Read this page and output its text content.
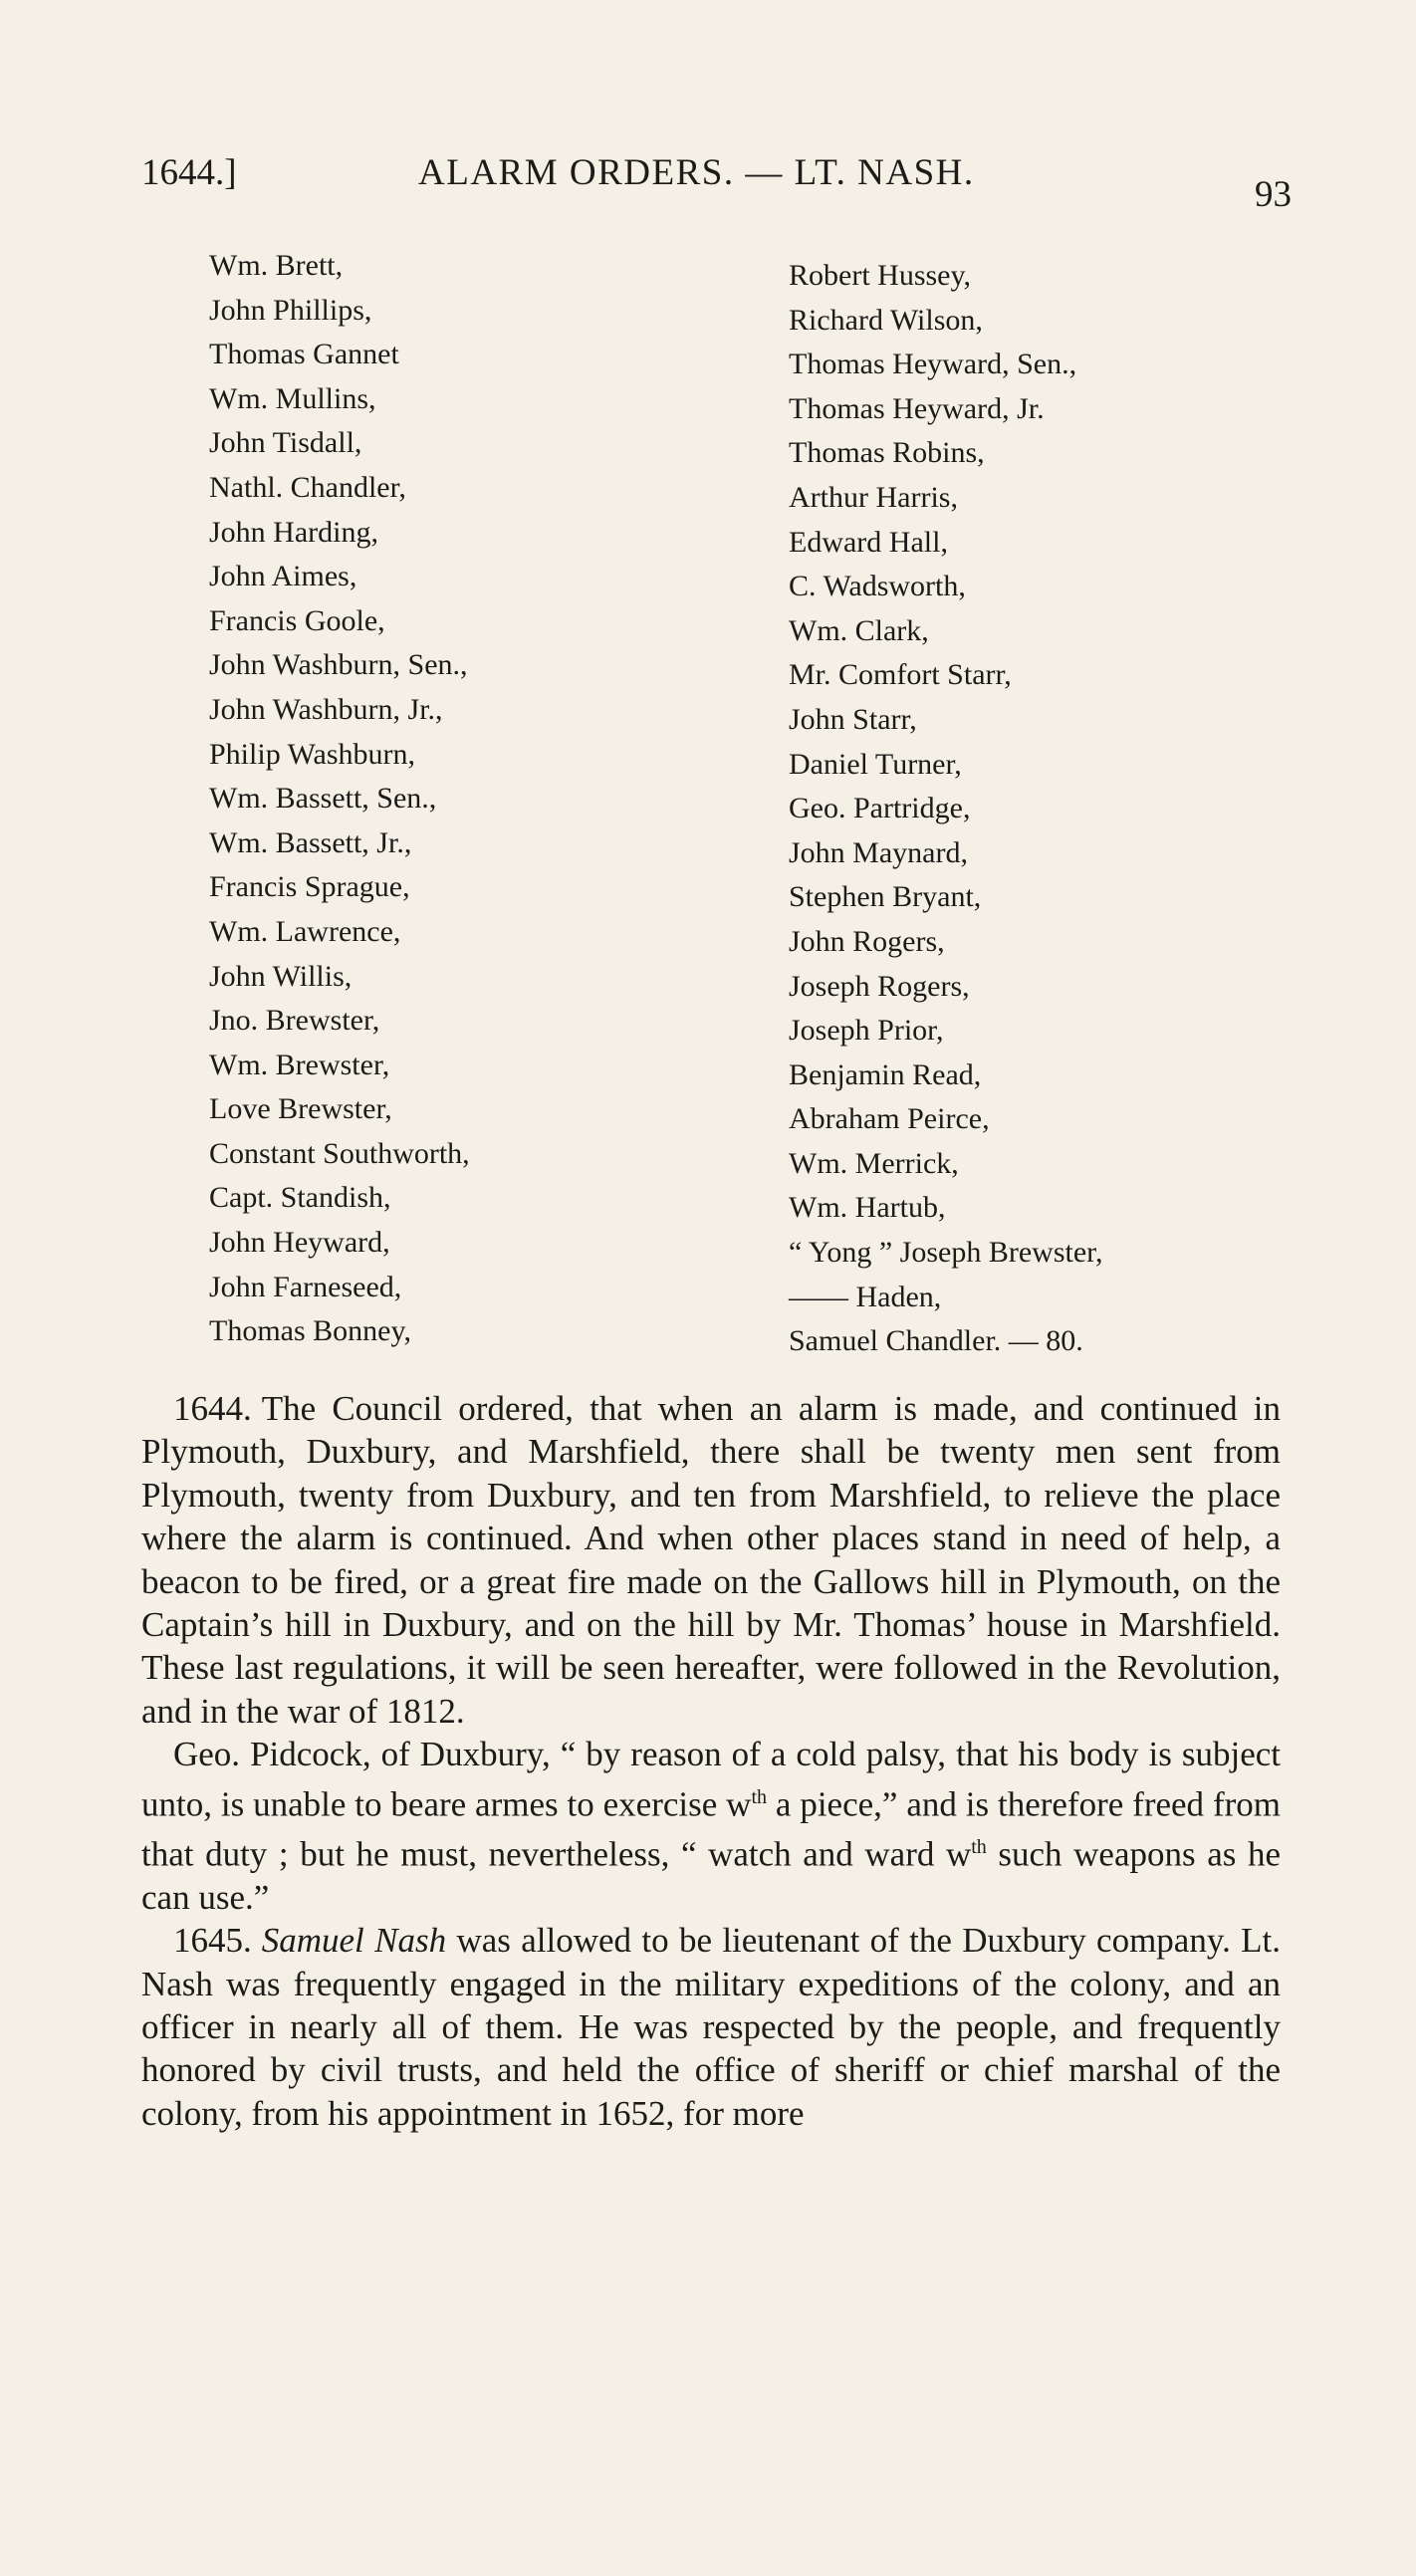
1644.]	ALARM ORDERS. — LT. NASH.
93
Wm. Brett,
John Phillips,
Thomas Gannet
Wm. Mullins,
John Tisdall,
Nathl. Chandler,
John Harding,
John Aimes,
Francis Goole,
John Washburn, Sen.,
John Washburn, Jr.,
Philip Washburn,
Wm. Bassett, Sen.,
Wm. Bassett, Jr.,
Francis Sprague,
Wm. Lawrence,
John Willis,
Jno. Brewster,
Wm. Brewster,
Love Brewster,
Constant Southworth,
Capt. Standish,
John Heyward,
John Farneseed,
Thomas Bonney,
Robert Hussey,
Richard Wilson,
Thomas Heyward, Sen.,
Thomas Heyward, Jr.
Thomas Robins,
Arthur Harris,
Edward Hall,
C. Wadsworth,
Wm. Clark,
Mr. Comfort Starr,
John Starr,
Daniel Turner,
Geo. Partridge,
John Maynard,
Stephen Bryant,
John Rogers,
Joseph Rogers,
Joseph Prior,
Benjamin Read,
Abraham Peirce,
Wm. Merrick,
Wm. Hartub,
“ Yong ” Joseph Brewster,
—— Haden,
Samuel Chandler. — 80.

1644. The Council ordered, that when an alarm is made, and continued in Plymouth, Duxbury, and Marshfield, there shall be twenty men sent from Plymouth, twenty from Duxbury, and ten from Marshfield, to relieve the place where the alarm is continued. And when other places stand in need of help, a beacon to be fired, or a great fire made on the Gallows hill in Plymouth, on the Captain’s hill in Duxbury, and on the hill by Mr. Thomas’ house in Marshfield. These last regulations, it will be seen hereafter, were followed in the Revolution, and in the war of 1812.

Geo. Pidcock, of Duxbury, “ by reason of a cold palsy, that his body is subject unto, is unable to beare armes to exercise $w^{th}$ a piece,” and is therefore freed from that duty ; but he must, nevertheless, “ watch and ward $w^{th}$ such weapons as he can use.”

1645. Samuel Nash was allowed to be lieutenant of the Duxbury company. Lt. Nash was frequently engaged in the military expeditions of the colony, and an officer in nearly all of them. He was respected by the people, and frequently honored by civil trusts, and held the office of sheriff or chief marshal of the colony, from his appointment in 1652, for more
